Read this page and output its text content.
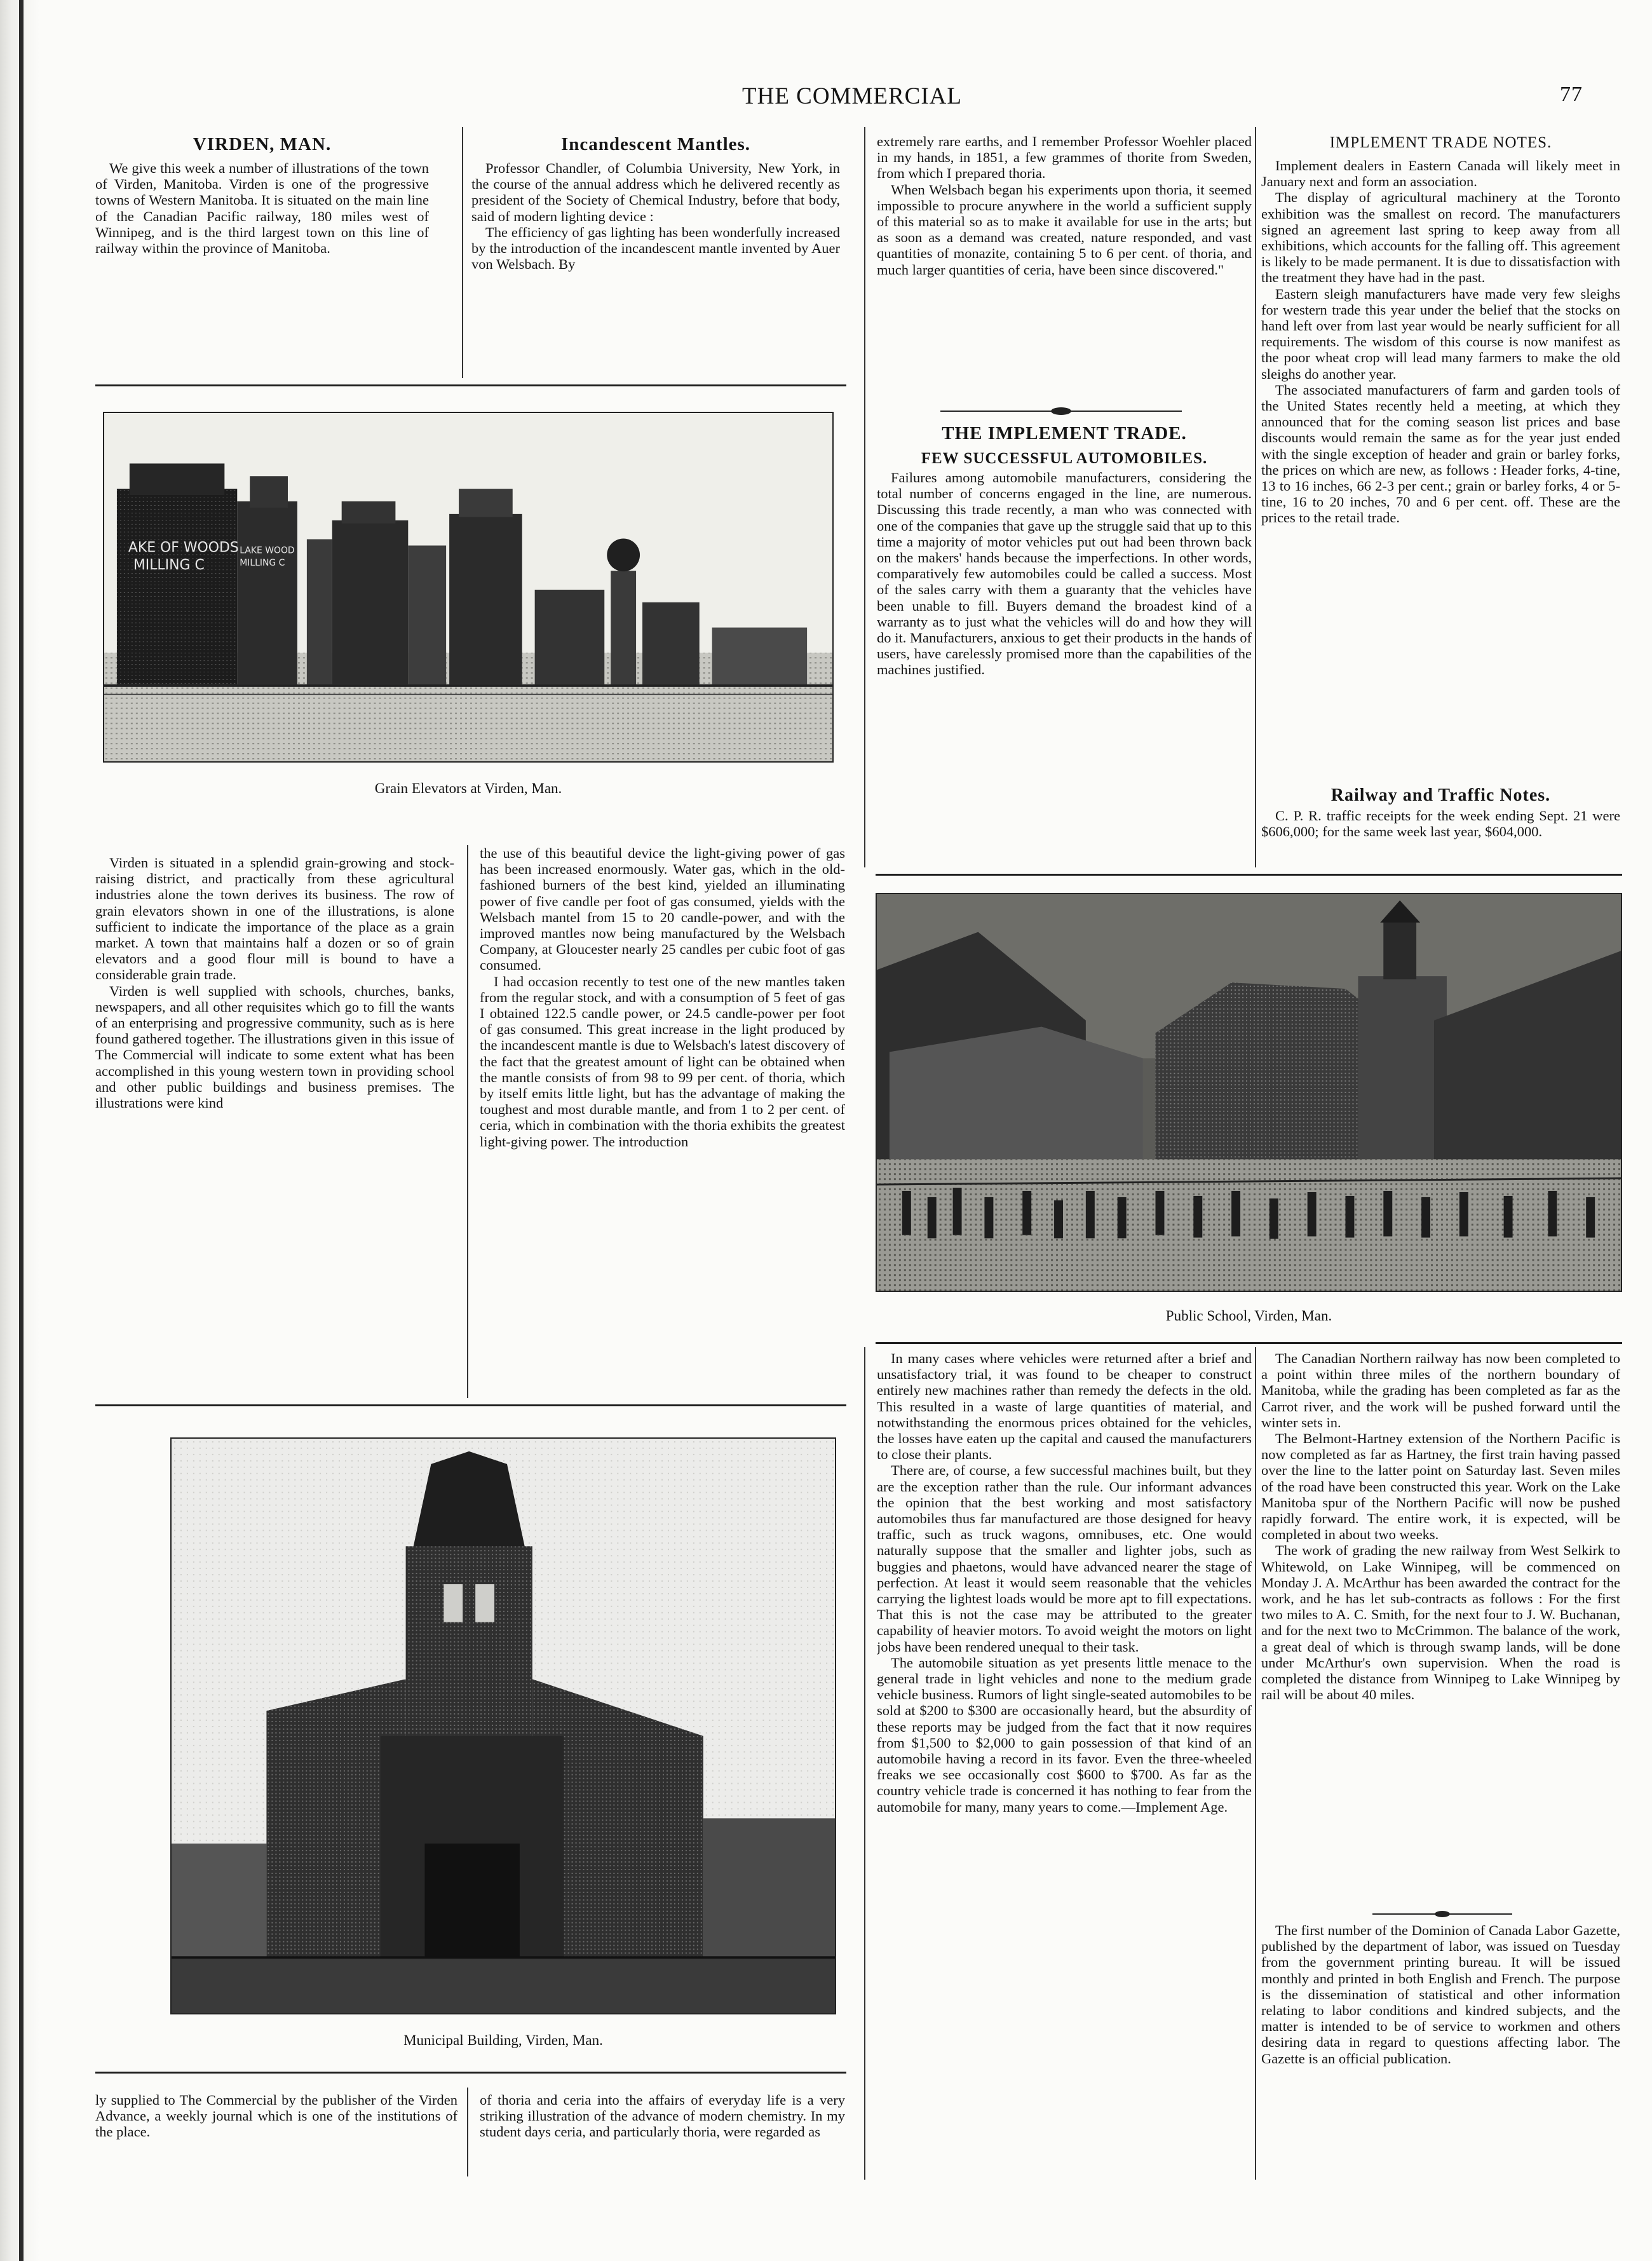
THE COMMERCIAL	77
VIRDEN, MAN.

We give this week a number of illustrations of the town of Virden, Manitoba. Virden is one of the progressive towns of Western Manitoba. It is situated on the main line of the Canadian Pacific railway, 180 miles west of Winnipeg, and is the third largest town on this line of railway within the province of Manitoba.

Incandescent Mantles.

Professor Chandler, of Columbia University, New York, in the course of the annual address which he delivered recently as president of the Society of Chemical Industry, before that body, said of modern lighting device :

The efficiency of gas lighting has been wonderfully increased by the introduction of the incandescent mantle invented by Auer von Welsbach. By

extremely rare earths, and I remember Professor Woehler placed in my hands, in 1851, a few grammes of thorite from Sweden, from which I prepared thoria.

When Welsbach began his experiments upon thoria, it seemed impossible to procure anywhere in the world a sufficient supply of this material so as to make it available for use in the arts; but as soon as a demand was created, nature responded, and vast quantities of monazite, containing 5 to 6 per cent. of thoria, and much larger quantities of ceria, have been since discovered."

THE IMPLEMENT TRADE.
FEW SUCCESSFUL AUTOMOBILES.

Failures among automobile manufacturers, considering the total number of concerns engaged in the line, are numerous. Discussing this trade recently, a man who was connected with one of the companies that gave up the struggle said that up to this time a majority of motor vehicles put out had been thrown back on the makers' hands because the imperfections. In other words, comparatively few automobiles could be called a success. Most of the sales carry with them a guaranty that the vehicles have been unable to fill. Buyers demand the broadest kind of a warranty as to just what the vehicles will do and how they will do it. Manufacturers, anxious to get their products in the hands of users, have carelessly promised more than the capabilities of the machines justified.

IMPLEMENT TRADE NOTES.

Implement dealers in Eastern Canada will likely meet in January next and form an association.

The display of agricultural machinery at the Toronto exhibition was the smallest on record. The manufacturers signed an agreement last spring to keep away from all exhibitions, which accounts for the falling off. This agreement is likely to be made permanent. It is due to dissatisfaction with the treatment they have had in the past.

Eastern sleigh manufacturers have made very few sleighs for western trade this year under the belief that the stocks on hand left over from last year would be nearly sufficient for all requirements. The wisdom of this course is now manifest as the poor wheat crop will lead many farmers to make the old sleighs do another year.

The associated manufacturers of farm and garden tools of the United States recently held a meeting, at which they announced that for the coming season list prices and base discounts would remain the same as for the year just ended with the single exception of header and grain or barley forks, the prices on which are new, as follows : Header forks, 4-tine, 13 to 16 inches, 66 2-3 per cent.; grain or barley forks, 4 or 5-tine, 16 to 20 inches, 70 and 6 per cent. off. These are the prices to the retail trade.

Railway and Traffic Notes.

C. P. R. traffic receipts for the week ending Sept. 21 were $606,000; for the same week last year, $604,000.

AKE OF WOODS
MILLING C
LAKE WOOD
MILLING C
Grain Elevators at Virden, Man.

Virden is situated in a splendid grain-growing and stock-raising district, and practically from these agricultural industries alone the town derives its business. The row of grain elevators shown in one of the illustrations, is alone sufficient to indicate the importance of the place as a grain market. A town that maintains half a dozen or so of grain elevators and a good flour mill is bound to have a considerable grain trade.

Virden is well supplied with schools, churches, banks, newspapers, and all other requisites which go to fill the wants of an enterprising and progressive community, such as is here found gathered together. The illustrations given in this issue of The Commercial will indicate to some extent what has been accomplished in this young western town in providing school and other public buildings and business premises. The illustrations were kind

the use of this beautiful device the light-giving power of gas has been increased enormously. Water gas, which in the old-fashioned burners of the best kind, yielded an illuminating power of five candle per foot of gas consumed, yields with the Welsbach mantel from 15 to 20 candle-power, and with the improved mantles now being manufactured by the Welsbach Company, at Gloucester nearly 25 candles per cubic foot of gas consumed.

I had occasion recently to test one of the new mantles taken from the regular stock, and with a consumption of 5 feet of gas I obtained 122.5 candle power, or 24.5 candle-power per foot of gas consumed. This great increase in the light produced by the incandescent mantle is due to Welsbach's latest discovery of the fact that the greatest amount of light can be obtained when the mantle consists of from 98 to 99 per cent. of thoria, which by itself emits little light, but has the advantage of making the toughest and most durable mantle, and from 1 to 2 per cent. of ceria, which in combination with the thoria exhibits the greatest light-giving power. The introduction

Public School, Virden, Man.
Municipal Building, Virden, Man.

ly supplied to The Commercial by the publisher of the Virden Advance, a weekly journal which is one of the institutions of the place.

of thoria and ceria into the affairs of everyday life is a very striking illustration of the advance of modern chemistry. In my student days ceria, and particularly thoria, were regarded as

In many cases where vehicles were returned after a brief and unsatisfactory trial, it was found to be cheaper to construct entirely new machines rather than remedy the defects in the old. This resulted in a waste of large quantities of material, and notwithstanding the enormous prices obtained for the vehicles, the losses have eaten up the capital and caused the manufacturers to close their plants.

There are, of course, a few successful machines built, but they are the exception rather than the rule. Our informant advances the opinion that the best working and most satisfactory automobiles thus far manufactured are those designed for heavy traffic, such as truck wagons, omnibuses, etc. One would naturally suppose that the smaller and lighter jobs, such as buggies and phaetons, would have advanced nearer the stage of perfection. At least it would seem reasonable that the vehicles carrying the lightest loads would be more apt to fill expectations. That this is not the case may be attributed to the greater capability of heavier motors. To avoid weight the motors on light jobs have been rendered unequal to their task.

The automobile situation as yet presents little menace to the general trade in light vehicles and none to the medium grade vehicle business. Rumors of light single-seated automobiles to be sold at $200 to $300 are occasionally heard, but the absurdity of these reports may be judged from the fact that it now requires from $1,500 to $2,000 to gain possession of that kind of an automobile having a record in its favor. Even the three-wheeled freaks we see occasionally cost $600 to $700. As far as the country vehicle trade is concerned it has nothing to fear from the automobile for many, many years to come.—Implement Age.

The Canadian Northern railway has now been completed to a point within three miles of the northern boundary of Manitoba, while the grading has been completed as far as the Carrot river, and the work will be pushed forward until the winter sets in.

The Belmont-Hartney extension of the Northern Pacific is now completed as far as Hartney, the first train having passed over the line to the latter point on Saturday last. Seven miles of the road have been constructed this year. Work on the Lake Manitoba spur of the Northern Pacific will now be pushed rapidly forward. The entire work, it is expected, will be completed in about two weeks.

The work of grading the new railway from West Selkirk to Whitewold, on Lake Winnipeg, will be commenced on Monday J. A. McArthur has been awarded the contract for the work, and he has let sub-contracts as follows : For the first two miles to A. C. Smith, for the next four to J. W. Buchanan, and for the next two to McCrimmon. The balance of the work, a great deal of which is through swamp lands, will be done under McArthur's own supervision. When the road is completed the distance from Winnipeg to Lake Winnipeg by rail will be about 40 miles.

The first number of the Dominion of Canada Labor Gazette, published by the department of labor, was issued on Tuesday from the government printing bureau. It will be issued monthly and printed in both English and French. The purpose is the dissemination of statistical and other information relating to labor conditions and kindred subjects, and the matter is intended to be of service to workmen and others desiring data in regard to questions affecting labor. The Gazette is an official publication.
